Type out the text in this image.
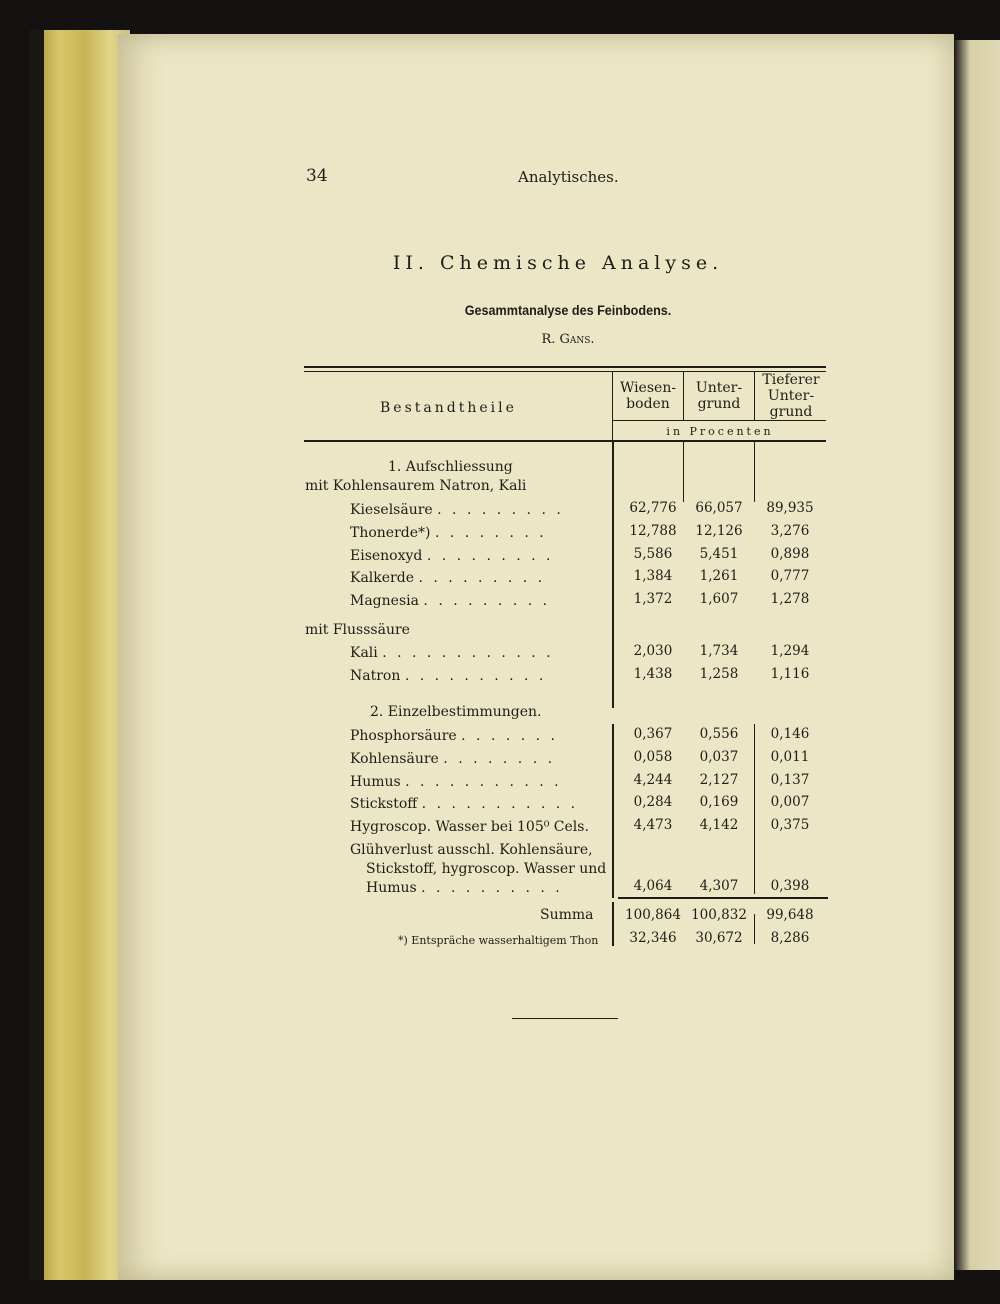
34	Analytisches.
II. Chemische Analyse.
Gesammtanalyse des Feinbodens.
R. Gans.
Bestandtheile
Wiesen-
boden
Unter-
grund
Tieferer
Unter-
grund
in Procenten
1. Aufschliessung
mit Kohlensaurem Natron, Kali
Kieselsäure . . . . . . . . .	62,776	66,057	89,935
Thonerde*) . . . . . . . .	12,788	12,126	3,276
Eisenoxyd . . . . . . . . .	5,586	5,451	0,898
Kalkerde . . . . . . . . .	1,384	1,261	0,777
Magnesia . . . . . . . . .	1,372	1,607	1,278
mit Flusssäure
Kali . . . . . . . . . . . .	2,030	1,734	1,294
Natron . . . . . . . . . .	1,438	1,258	1,116
2. Einzelbestimmungen.
Phosphorsäure . . . . . . .	0,367	0,556	0,146
Kohlensäure . . . . . . . .	0,058	0,037	0,011
Humus . . . . . . . . . . .	4,244	2,127	0,137
Stickstoff . . . . . . . . . . .	0,284	0,169	0,007
Hygroscop. Wasser bei 105⁰ Cels.	4,473	4,142	0,375
Glühverlust ausschl. Kohlensäure,
Stickstoff, hygroscop. Wasser und
Humus . . . . . . . . . .	4,064	4,307	0,398
Summa	100,864 100,832	99,648
*) Entspräche wasserhaltigem Thon	32,346	30,672	8,286
